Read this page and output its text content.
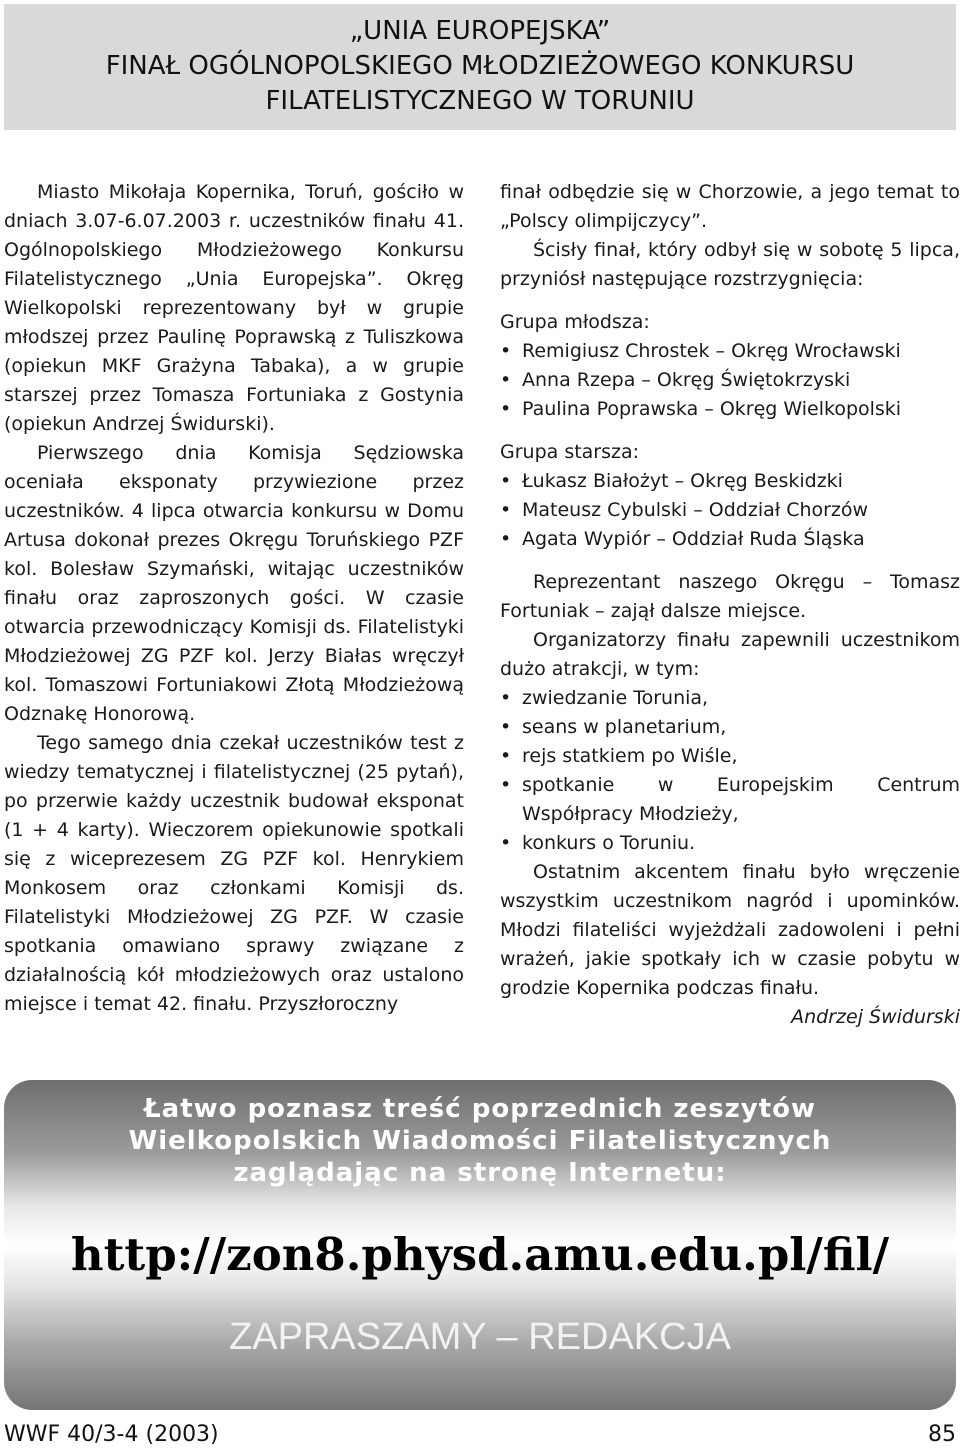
„UNIA EUROPEJSKA”
FINAŁ OGÓLNOPOLSKIEGO MŁODZIEŻOWEGO KONKURSU
FILATELISTYCZNEGO W TORUNIU

Miasto Mikołaja Kopernika, Toruń, gościło w dniach 3.07-6.07.2003 r. uczestników finału 41. Ogólnopolskiego Młodzieżowego Konkursu Filatelistycznego „Unia Europejska”. Okręg Wielkopolski reprezentowany był w grupie młodszej przez Paulinę Poprawską z Tuliszkowa (opiekun MKF Grażyna Tabaka), a w grupie starszej przez Tomasza Fortuniaka z Gostynia (opiekun Andrzej Świdurski).

Pierwszego dnia Komisja Sędziowska oceniała eksponaty przywiezione przez uczestników. 4 lipca otwarcia konkursu w Domu Artusa dokonał prezes Okręgu Toruńskiego PZF kol. Bolesław Szymański, witając uczestników finału oraz zaproszonych gości. W czasie otwarcia przewodniczący Komisji ds. Filatelistyki Młodzieżowej ZG PZF kol. Jerzy Białas wręczył kol. Tomaszowi Fortuniakowi Złotą Młodzieżową Odznakę Honorową.

Tego samego dnia czekał uczestników test z wiedzy tematycznej i filatelistycznej (25 pytań), po przerwie każdy uczestnik budował eksponat (1 + 4 karty). Wieczorem opiekunowie spotkali się z wiceprezesem ZG PZF kol. Henrykiem Monkosem oraz członkami Komisji ds. Filatelistyki Młodzieżowej ZG PZF. W czasie spotkania omawiano sprawy związane z działalnością kół młodzieżowych oraz ustalono miejsce i temat 42. finału. Przyszłoroczny

finał odbędzie się w Chorzowie, a jego temat to „Polscy olimpijczycy”.

Ścisły finał, który odbył się w sobotę 5 lipca, przyniósł następujące rozstrzygnięcia:

Grupa młodsza:

• Remigiusz Chrostek – Okręg Wrocławski

• Anna Rzepa – Okręg Świętokrzyski

• Paulina Poprawska – Okręg Wielkopolski

Grupa starsza:

• Łukasz Białożyt – Okręg Beskidzki

• Mateusz Cybulski – Oddział Chorzów

• Agata Wypiór – Oddział Ruda Śląska

Reprezentant naszego Okręgu – Tomasz Fortuniak – zajął dalsze miejsce.

Organizatorzy finału zapewnili uczestnikom dużo atrakcji, w tym:

• zwiedzanie Torunia,

• seans w planetarium,

• rejs statkiem po Wiśle,

• spotkanie w Europejskim Centrum Współpracy Młodzieży,

• konkurs o Toruniu.

Ostatnim akcentem finału było wręczenie wszystkim uczestnikom nagród i upominków. Młodzi filateliści wyjeżdżali zadowoleni i pełni wrażeń, jakie spotkały ich w czasie pobytu w grodzie Kopernika podczas finału.

Andrzej Świdurski

Łatwo poznasz treść poprzednich zeszytów
Wielkopolskich Wiadomości Filatelistycznych
zaglądając na stronę Internetu:
http://zon8.physd.amu.edu.pl/fil/
ZAPRASZAMY – REDAKCJA
WWF 40/3-4 (2003)	85
